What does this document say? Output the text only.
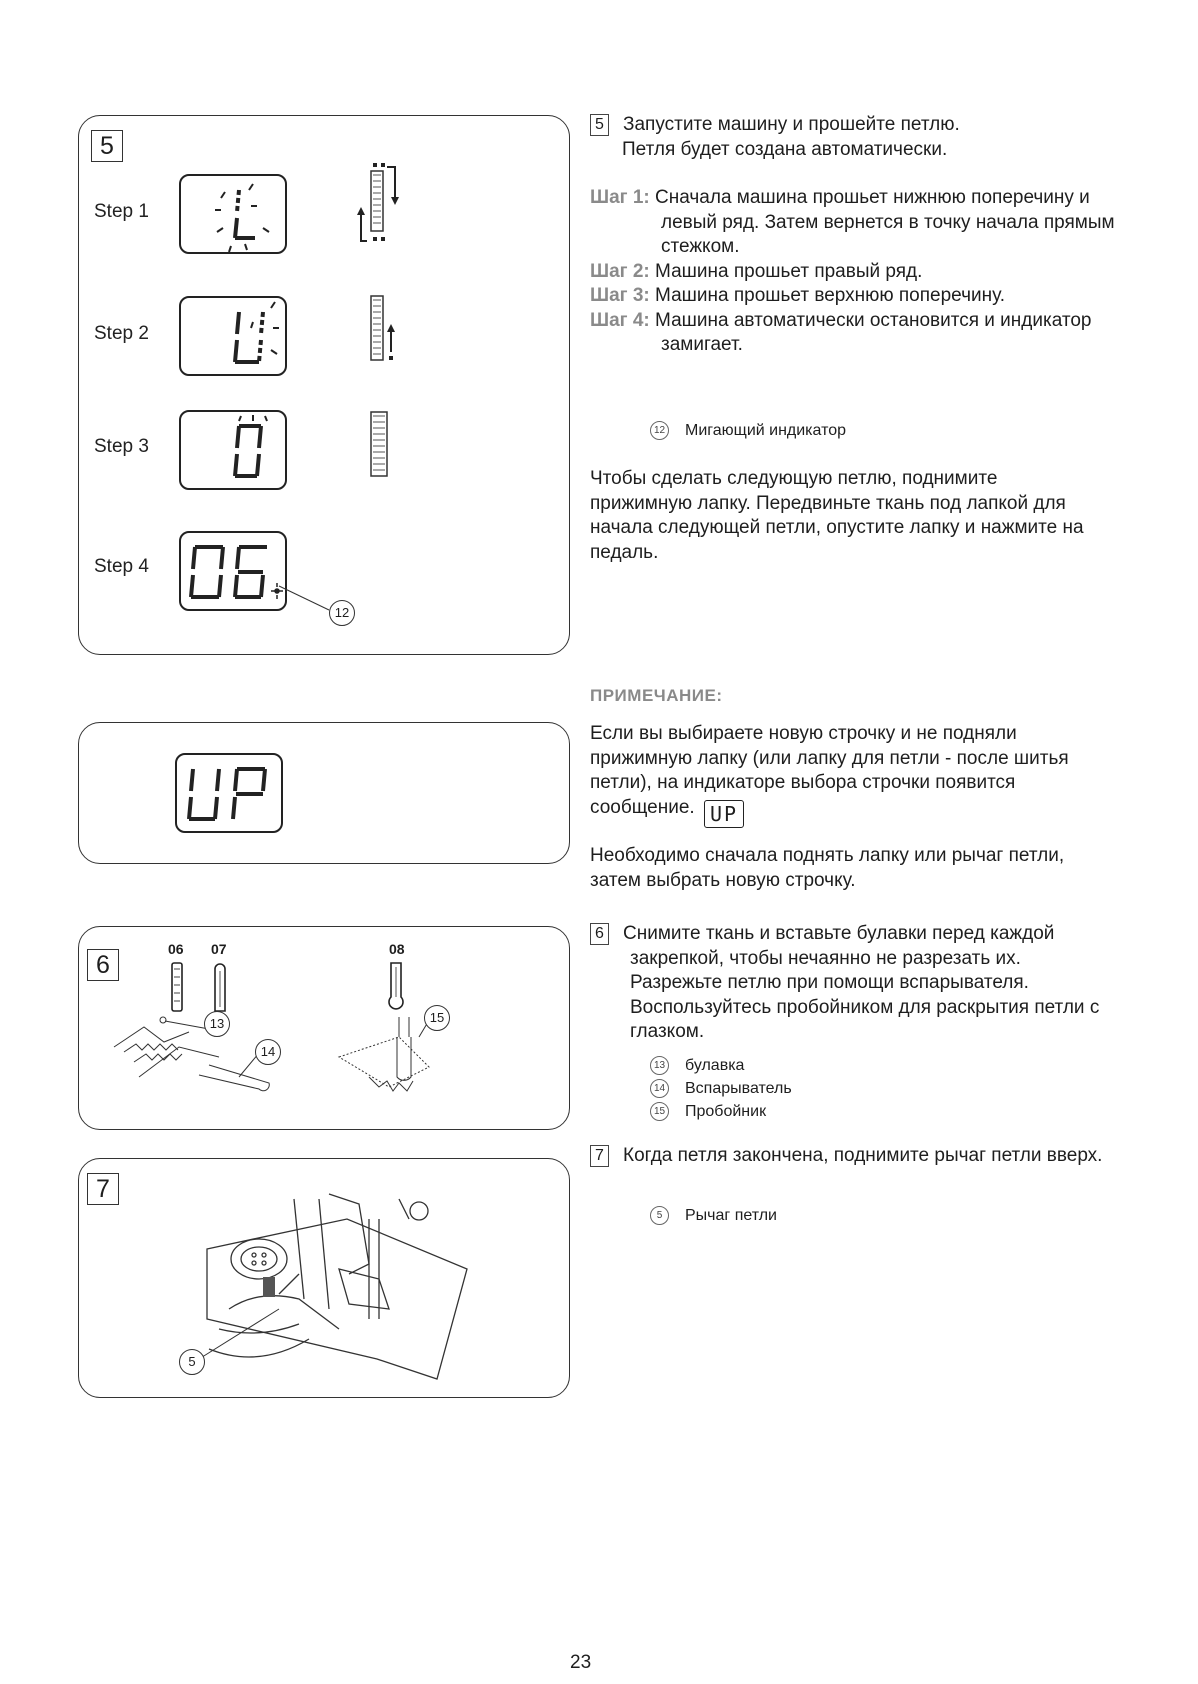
5
Step 1
Step 2
Step 3
Step 4
12
6
06 07	08
13
14
15
7
5
5 Запустите машину и прошейте петлю.
Петля будет создана автоматически.
Шаг 1: Сначала машина прошьет нижнюю поперечину и левый ряд. Затем вернется в точку начала прямым стежком.
Шаг 2: Машина прошьет правый ряд.
Шаг 3: Машина прошьет верхнюю поперечину.
Шаг 4: Машина автоматически остановится и индикатор замигает.
12 Мигающий индикатор
Чтобы сделать следующую петлю, поднимите прижимную лапку. Передвиньте ткань под лапкой для начала следующей петли, опустите лапку и нажмите на педаль.
ПРИМЕЧАНИЕ:
Если вы выбираете новую строчку и не подняли прижимную лапку (или лапку для петли - после шитья петли), на индикаторе выбора строчки появится сообщение. UP
Необходимо сначала поднять лапку или рычаг петли, затем выбрать новую строчку.
6 Снимите ткань и вставьте булавки перед каждой закрепкой, чтобы нечаянно не разрезать их. Разрежьте петлю при помощи вспарывателя. Воспользуйтесь пробойником для раскрытия петли с глазком.
13 булавка
14 Вспарыватель
15 Пробойник
7 Когда петля закончена, поднимите рычаг петли вверх.
5 Рычаг петли
23
